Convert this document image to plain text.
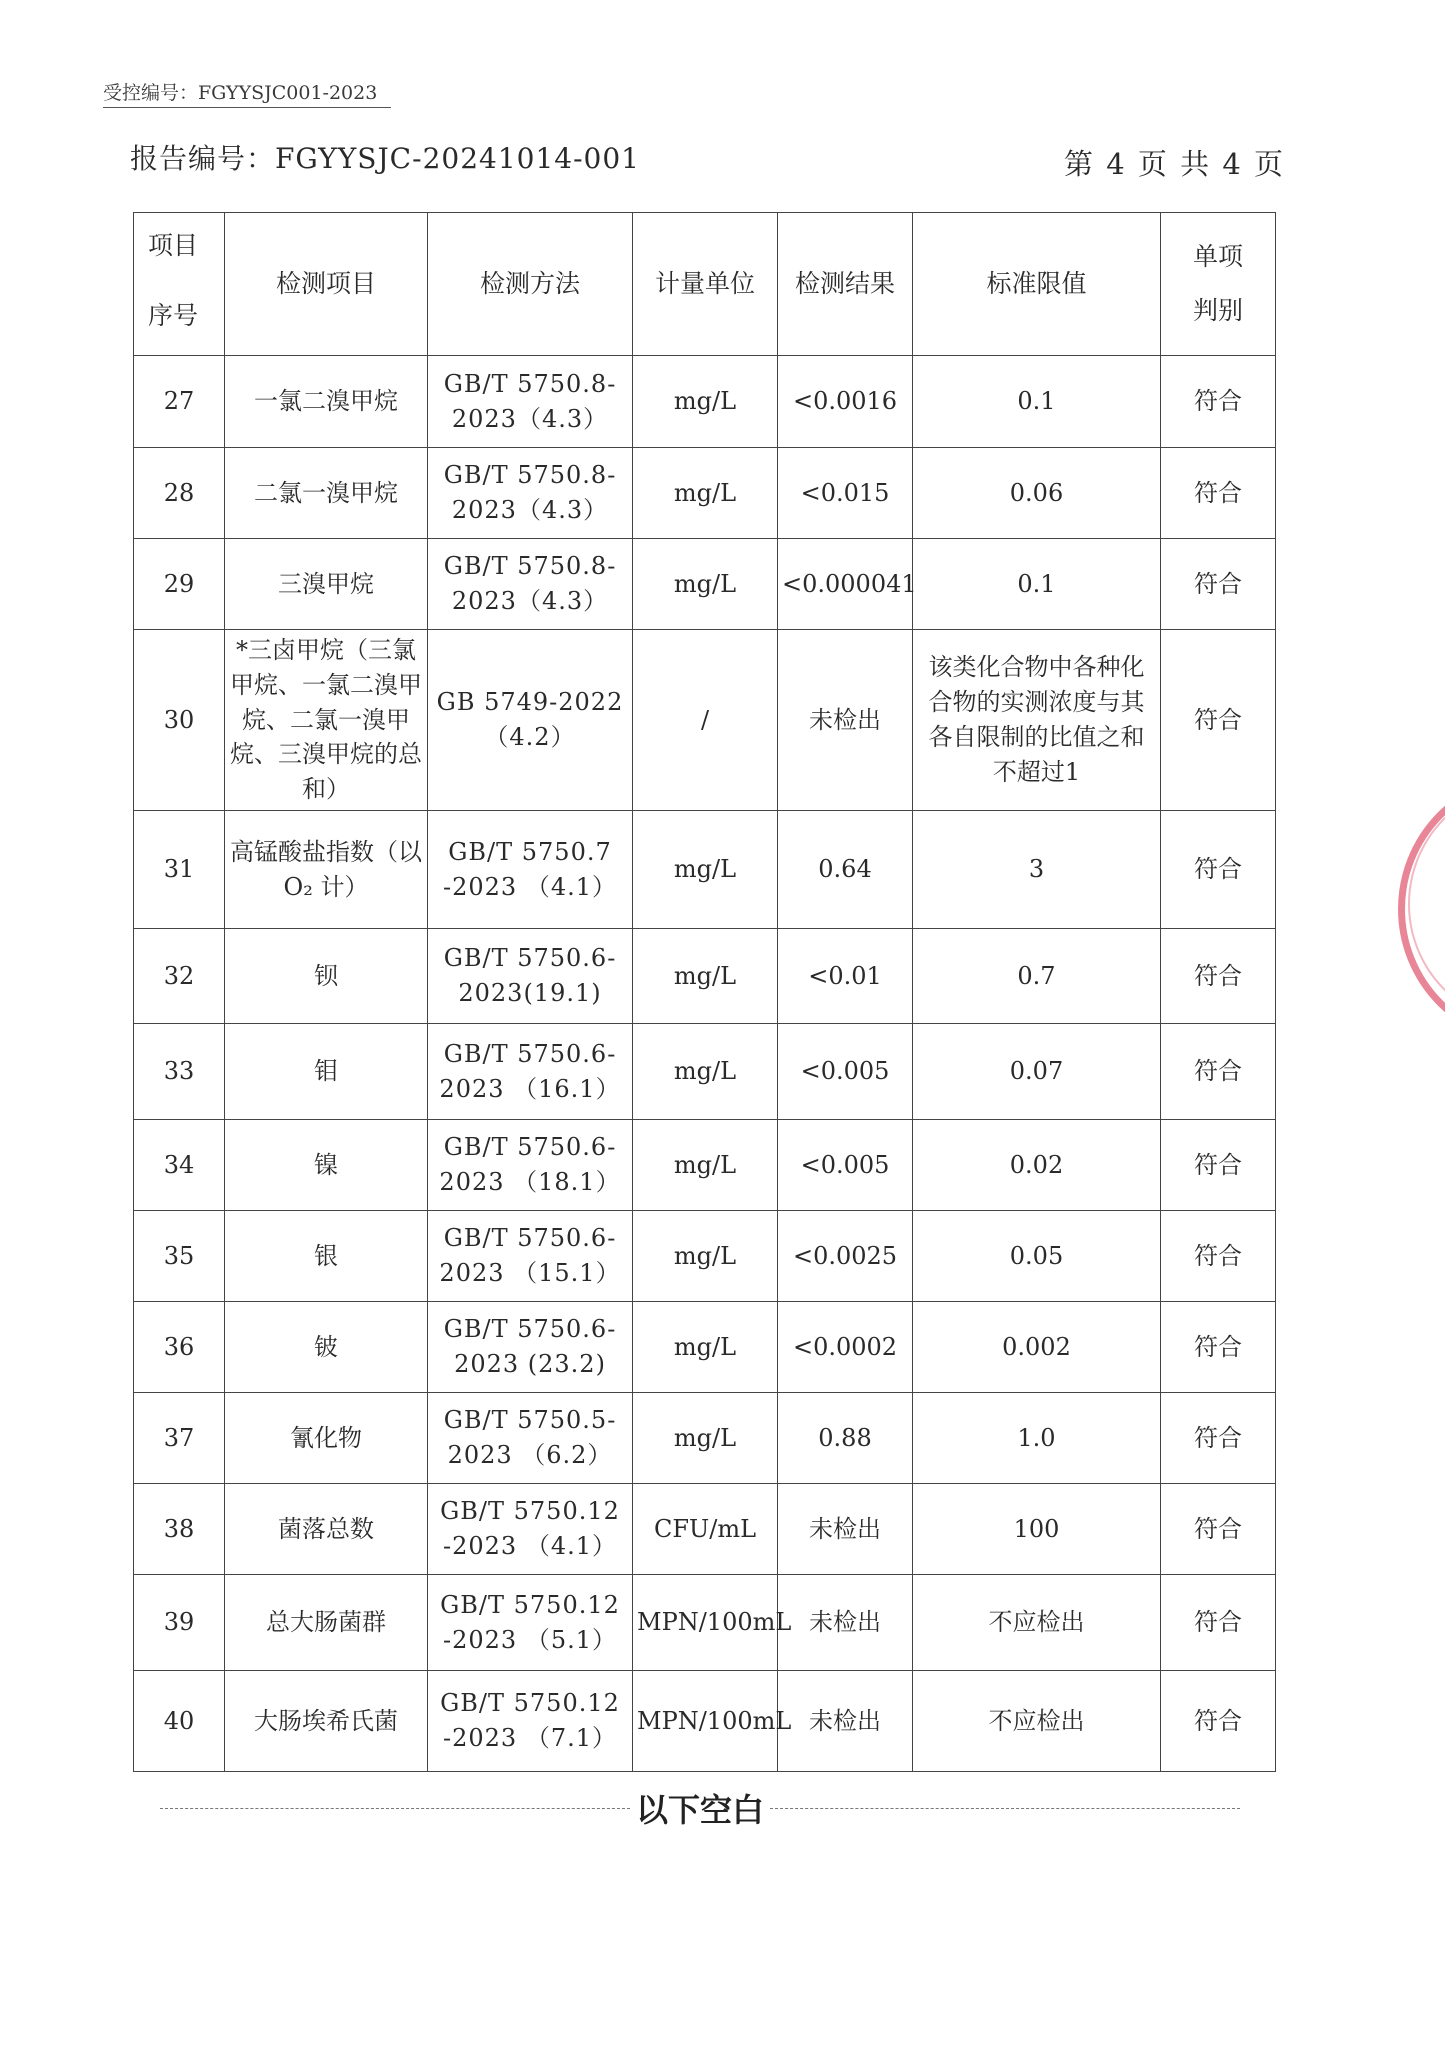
受控编号：FGYYSJC001-2023
报告编号：FGYYSJC-20241014-001	第 4 页 共 4 页
项目
序号	检测项目	检测方法	计量单位	检测结果	标准限值	单项
判别

27	一氯二溴甲烷	GB/T 5750.8-
2023（4.3）	mg/L	<0.0016	0.1	符合
28	二氯一溴甲烷	GB/T 5750.8-
2023（4.3）	mg/L	<0.015	0.06	符合
29	三溴甲烷	GB/T 5750.8-
2023（4.3）	mg/L	<0.000041	0.1	符合
30	*三卤甲烷（三氯甲烷、一氯二溴甲烷、二氯一溴甲烷、三溴甲烷的总和）	GB 5749-2022
（4.2）	/	未检出	该类化合物中各种化合物的实测浓度与其各自限制的比值之和不超过1	符合
31	高锰酸盐指数（以O₂ 计）	GB/T 5750.7
-2023 （4.1）	mg/L	0.64	3	符合
32	钡	GB/T 5750.6-
2023(19.1)	mg/L	<0.01	0.7	符合
33	钼	GB/T 5750.6-
2023 （16.1）	mg/L	<0.005	0.07	符合
34	镍	GB/T 5750.6-
2023 （18.1）	mg/L	<0.005	0.02	符合
35	银	GB/T 5750.6-
2023 （15.1）	mg/L	<0.0025	0.05	符合
36	铍	GB/T 5750.6-
2023 (23.2)	mg/L	<0.0002	0.002	符合
37	氰化物	GB/T 5750.5-
2023 （6.2）	mg/L	0.88	1.0	符合
38	菌落总数	GB/T 5750.12
-2023 （4.1）	CFU/mL	未检出	100	符合
39	总大肠菌群	GB/T 5750.12
-2023 （5.1）	MPN/100mL	未检出	不应检出	符合
40	大肠埃希氏菌	GB/T 5750.12
-2023 （7.1）	MPN/100mL	未检出	不应检出	符合
以下空白
